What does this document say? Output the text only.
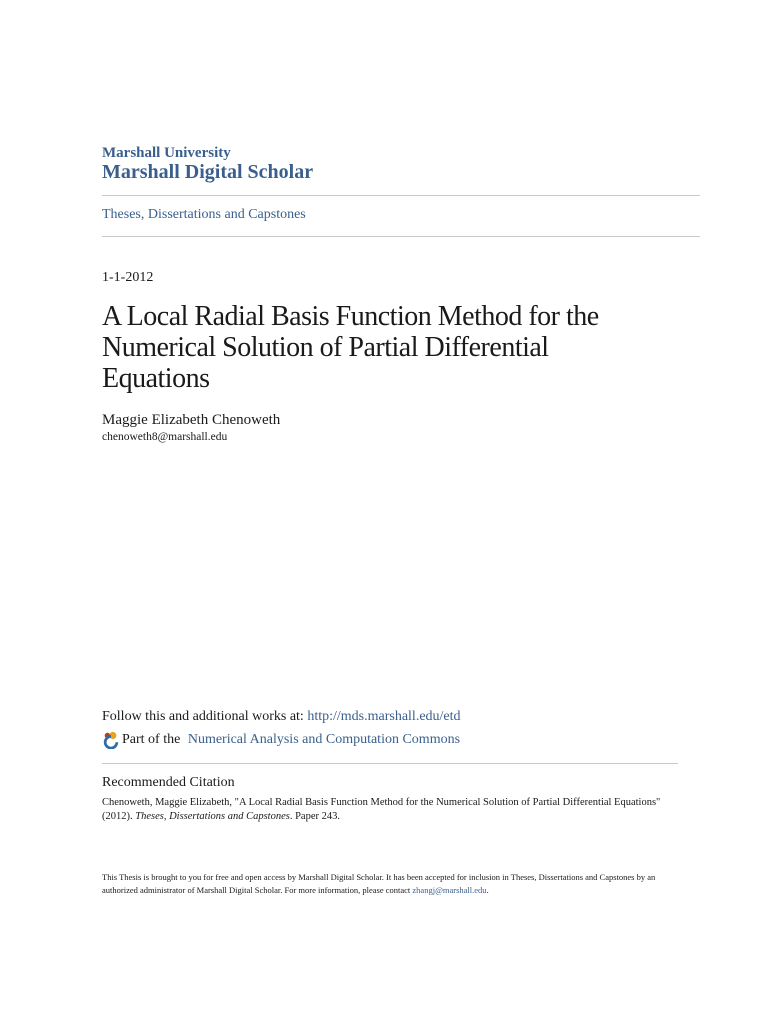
Marshall University
Marshall Digital Scholar
Theses, Dissertations and Capstones
1-1-2012
A Local Radial Basis Function Method for the
Numerical Solution of Partial Differential
Equations
Maggie Elizabeth Chenoweth
chenoweth8@marshall.edu
Follow this and additional works at: http://mds.marshall.edu/etd
Part of the Numerical Analysis and Computation Commons
Recommended Citation
Chenoweth, Maggie Elizabeth, "A Local Radial Basis Function Method for the Numerical Solution of Partial Differential Equations"
(2012). Theses, Dissertations and Capstones. Paper 243.
This Thesis is brought to you for free and open access by Marshall Digital Scholar. It has been accepted for inclusion in Theses, Dissertations and Capstones by an authorized administrator of Marshall Digital Scholar. For more information, please contact zhangj@marshall.edu.
